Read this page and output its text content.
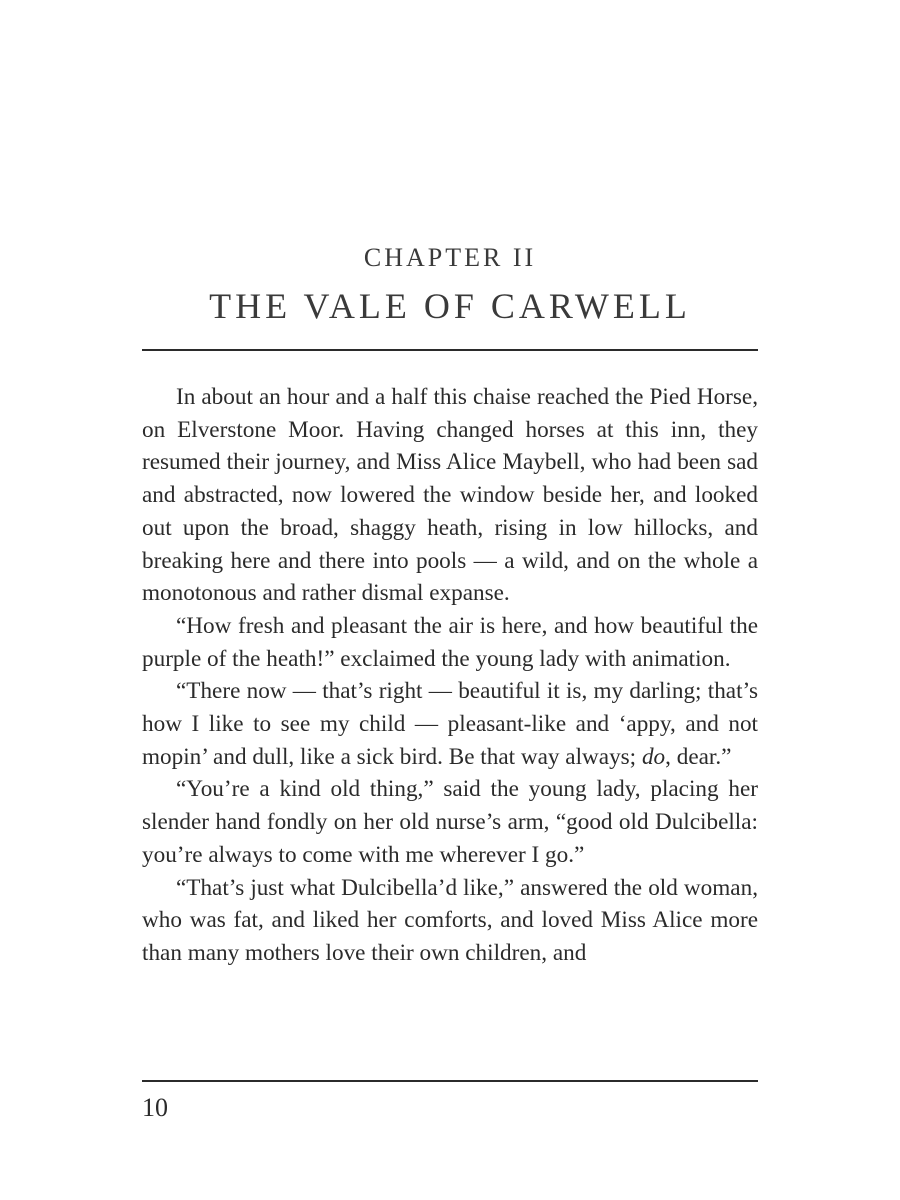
CHAPTER II
THE VALE OF CARWELL

In about an hour and a half this chaise reached the Pied Horse, on Elverstone Moor. Having changed horses at this inn, they resumed their journey, and Miss Alice Maybell, who had been sad and abstracted, now lowered the window beside her, and looked out upon the broad, shaggy heath, rising in low hillocks, and breaking here and there into pools — a wild, and on the whole a monotonous and rather dismal expanse.

“How fresh and pleasant the air is here, and how beautiful the purple of the heath!” exclaimed the young lady with animation.

“There now — that’s right — beautiful it is, my darling; that’s how I like to see my child — pleasant-like and ‘appy, and not mopin’ and dull, like a sick bird. Be that way always; do, dear.”

“You’re a kind old thing,” said the young lady, placing her slender hand fondly on her old nurse’s arm, “good old Dulcibella: you’re always to come with me wherever I go.”

“That’s just what Dulcibella’d like,” answered the old woman, who was fat, and liked her comforts, and loved Miss Alice more than many mothers love their own children, and

10
